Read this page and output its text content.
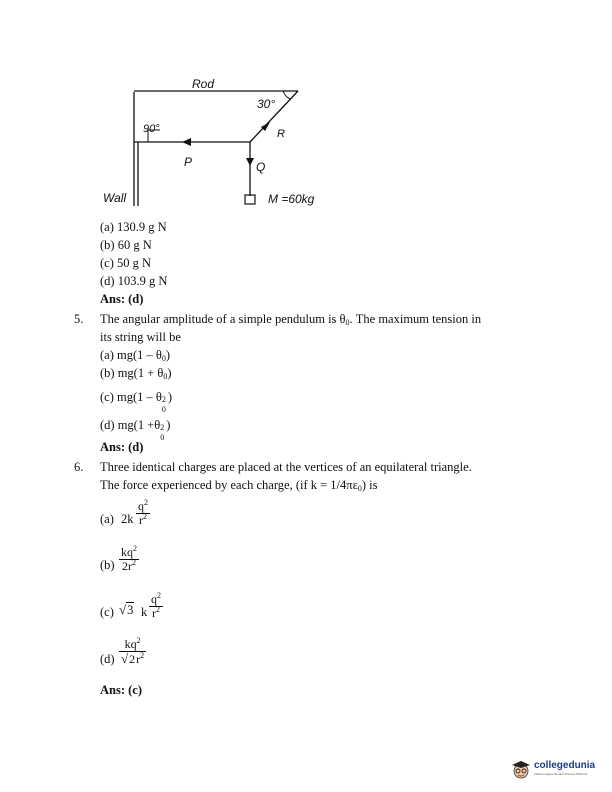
Rod
30°
90°	R
P	Q
Wall	M =60kg
(a) 130.9 g N
(b) 60 g N
(c) 50 g N
(d) 103.9 g N
Ans: (d)
5. The angular amplitude of a simple pendulum is $\theta_0$. The maximum tension in
its string will be
(a) $mg(1 - \theta_0)$
(b) $mg(1 + \theta_0)$
(c) mg(1 – θ 2
0
)
(d) mg(1 +θ 2
0
)
Ans: (d)
6. Three identical charges are placed at the vertices of an equilateral triangle.
The force experienced by each charge, (if $k = 1/4\pi\varepsilon_0$) is
(a) $2k \frac{q^2}{r^2}$
$(b) \frac{kq^2}{2r^2}$
(c) √3 k $\frac{q^2}{r^2}$
$(d) \frac{kq^2}{√2r^2}$
Ans: (c)
collegedunia
India's Largest Student Review Platform
